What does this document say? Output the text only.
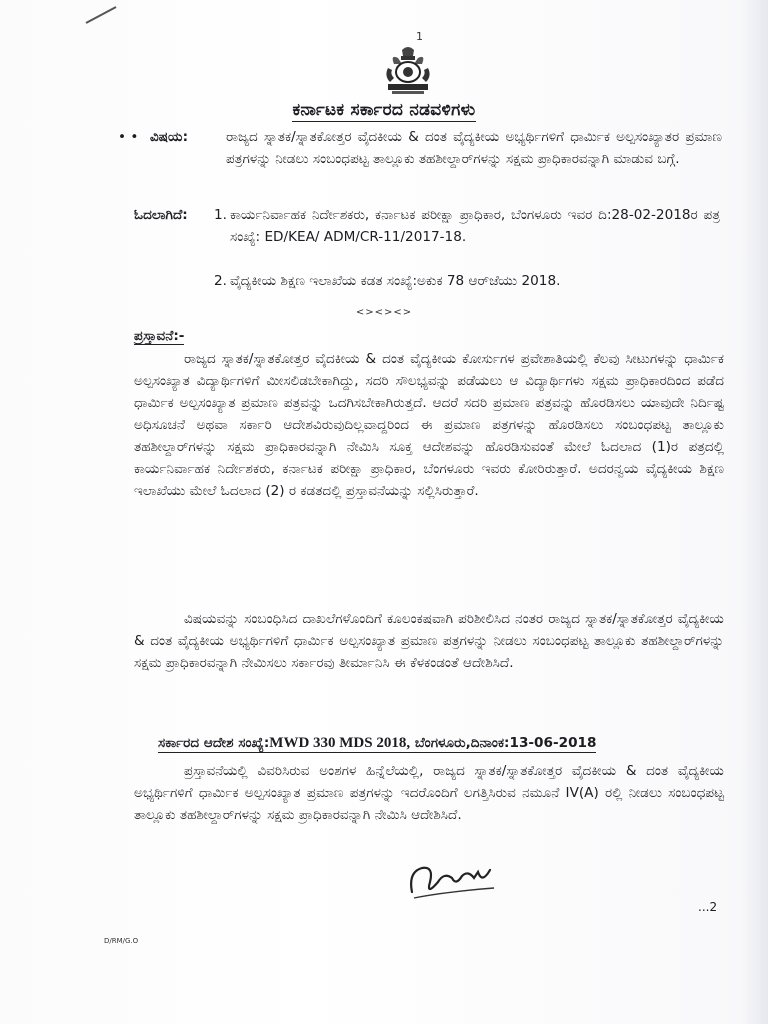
1
ಕರ್ನಾಟಕ ಸರ್ಕಾರದ ನಡವಳಿಗಳು
• • ವಿಷಯ:	ರಾಜ್ಯದ ಸ್ನಾತಕ/ಸ್ನಾತಕೋತ್ತರ ವೈದಕೀಯ & ದಂತ ವೈದ್ಯಕೀಯ ಅಭ್ಯರ್ಥಿಗಳಿಗೆ ಧಾರ್ಮಿಕ ಅಲ್ಪಸಂಖ್ಯಾತರ ಪ್ರಮಾಣ ಪತ್ರಗಳನ್ನು ನೀಡಲು ಸಂಬಂಧಪಟ್ಟ ತಾಲ್ಲೂಕು ತಹಶೀಲ್ದಾರ್‌ಗಳನ್ನು ಸಕ್ಷಮ ಪ್ರಾಧಿಕಾರವನ್ನಾಗಿ ಮಾಡುವ ಬಗ್ಗೆ.
ಓದಲಾಗಿದೆ: 1. ಕಾರ್ಯನಿರ್ವಾಹಕ ನಿರ್ದೇಶಕರು, ಕರ್ನಾಟಕ ಪರೀಕ್ಷಾ ಪ್ರಾಧಿಕಾರ, ಬೆಂಗಳೂರು ಇವರ ದಿ:28-02-2018ರ ಪತ್ರ ಸಂಖ್ಯೆ: ED/KEA/ ADM/CR-11/2017-18.
2. ವೈದ್ಯಕೀಯ ಶಿಕ್ಷಣ ಇಲಾಖೆಯ ಕಡತ ಸಂಖ್ಯೆ:ಅಕುಕ 78 ಆರ್‌ಜೆಯು 2018.
<><><>
ಪ್ರಸ್ತಾವನೆ:-
ರಾಜ್ಯದ ಸ್ನಾತಕ/ಸ್ನಾತಕೋತ್ತರ ವೈದಕೀಯ & ದಂತ ವೈದ್ಯಕೀಯ ಕೋರ್ಸುಗಳ ಪ್ರವೇಶಾತಿಯಲ್ಲಿ ಕೆಲವು ಸೀಟುಗಳನ್ನು ಧಾರ್ಮಿಕ ಅಲ್ಪಸಂಖ್ಯಾತ ವಿದ್ಯಾರ್ಥಿಗಳಿಗೆ ಮೀಸಲಿಡಬೇಕಾಗಿದ್ದು, ಸದರಿ ಸೌಲಭ್ಯವನ್ನು ಪಡೆಯಲು ಆ ವಿದ್ಯಾರ್ಥಿಗಳು ಸಕ್ಷಮ ಪ್ರಾಧಿಕಾರದಿಂದ ಪಡೆದ ಧಾರ್ಮಿಕ ಅಲ್ಪಸಂಖ್ಯಾತ ಪ್ರಮಾಣ ಪತ್ರವನ್ನು ಒದಗಿಸಬೇಕಾಗಿರುತ್ತದೆ. ಆದರೆ ಸದರಿ ಪ್ರಮಾಣ ಪತ್ರವನ್ನು ಹೊರಡಿಸಲು ಯಾವುದೇ ನಿರ್ದಿಷ್ಟ ಅಧಿಸೂಚನೆ ಅಥವಾ ಸರ್ಕಾರಿ ಆದೇಶವಿರುವುದಿಲ್ಲವಾದ್ದರಿಂದ ಈ ಪ್ರಮಾಣ ಪತ್ರಗಳನ್ನು ಹೊರಡಿಸಲು ಸಂಬಂಧಪಟ್ಟ ತಾಲ್ಲೂಕು ತಹಶೀಲ್ದಾರ್‌ಗಳನ್ನು ಸಕ್ಷಮ ಪ್ರಾಧಿಕಾರವನ್ನಾಗಿ ನೇಮಿಸಿ ಸೂಕ್ತ ಆದೇಶವನ್ನು ಹೊರಡಿಸುವಂತೆ ಮೇಲೆ ಓದಲಾದ (1)ರ ಪತ್ರದಲ್ಲಿ ಕಾರ್ಯನಿರ್ವಾಹಕ ನಿರ್ದೇಶಕರು, ಕರ್ನಾಟಕ ಪರೀಕ್ಷಾ ಪ್ರಾಧಿಕಾರ, ಬೆಂಗಳೂರು ಇವರು ಕೋರಿರುತ್ತಾರೆ. ಅದರನ್ವಯ ವೈದ್ಯಕೀಯ ಶಿಕ್ಷಣ ಇಲಾಖೆಯು ಮೇಲೆ ಓದಲಾದ (2) ರ ಕಡತದಲ್ಲಿ ಪ್ರಸ್ತಾವನೆಯನ್ನು ಸಲ್ಲಿಸಿರುತ್ತಾರೆ.
ವಿಷಯವನ್ನು ಸಂಬಂಧಿಸಿದ ದಾಖಲೆಗಳೊಂದಿಗೆ ಕೂಲಂಕಷವಾಗಿ ಪರಿಶೀಲಿಸಿದ ನಂತರ ರಾಜ್ಯದ ಸ್ನಾತಕ/ಸ್ನಾತಕೋತ್ತರ ವೈದ್ಯಕೀಯ & ದಂತ ವೈದ್ಯಕೀಯ ಅಭ್ಯರ್ಥಿಗಳಿಗೆ ಧಾರ್ಮಿಕ ಅಲ್ಪಸಂಖ್ಯಾತ ಪ್ರಮಾಣ ಪತ್ರಗಳನ್ನು ನೀಡಲು ಸಂಬಂಧಪಟ್ಟ ತಾಲ್ಲೂಕು ತಹಶೀಲ್ದಾರ್‌ಗಳನ್ನು ಸಕ್ಷಮ ಪ್ರಾಧಿಕಾರವನ್ನಾಗಿ ನೇಮಿಸಲು ಸರ್ಕಾರವು ತೀರ್ಮಾನಿಸಿ ಈ ಕೆಳಕಂಡಂತೆ ಆದೇಶಿಸಿದೆ.
ಸರ್ಕಾರದ ಆದೇಶ ಸಂಖ್ಯೆ:MWD 330 MDS 2018, ಬೆಂಗಳೂರು,ದಿನಾಂಕ:13-06-2018
ಪ್ರಸ್ತಾವನೆಯಲ್ಲಿ ವಿವರಿಸಿರುವ ಅಂಶಗಳ ಹಿನ್ನೆಲೆಯಲ್ಲಿ, ರಾಜ್ಯದ ಸ್ನಾತಕ/ಸ್ನಾತಕೋತ್ತರ ವೈದಕೀಯ & ದಂತ ವೈದ್ಯಕೀಯ ಅಭ್ಯರ್ಥಿಗಳಿಗೆ ಧಾರ್ಮಿಕ ಅಲ್ಪಸಂಖ್ಯಾತ ಪ್ರಮಾಣ ಪತ್ರಗಳನ್ನು ಇದರೊಂದಿಗೆ ಲಗತ್ತಿಸಿರುವ ನಮೂನೆ IV(A) ರಲ್ಲಿ ನೀಡಲು ಸಂಬಂಧಪಟ್ಟ ತಾಲ್ಲೂಕು ತಹಶೀಲ್ದಾರ್‌ಗಳನ್ನು ಸಕ್ಷಮ ಪ್ರಾಧಿಕಾರವನ್ನಾಗಿ ನೇಮಿಸಿ ಆದೇಶಿಸಿದೆ.
...2
D/RM/G.O
